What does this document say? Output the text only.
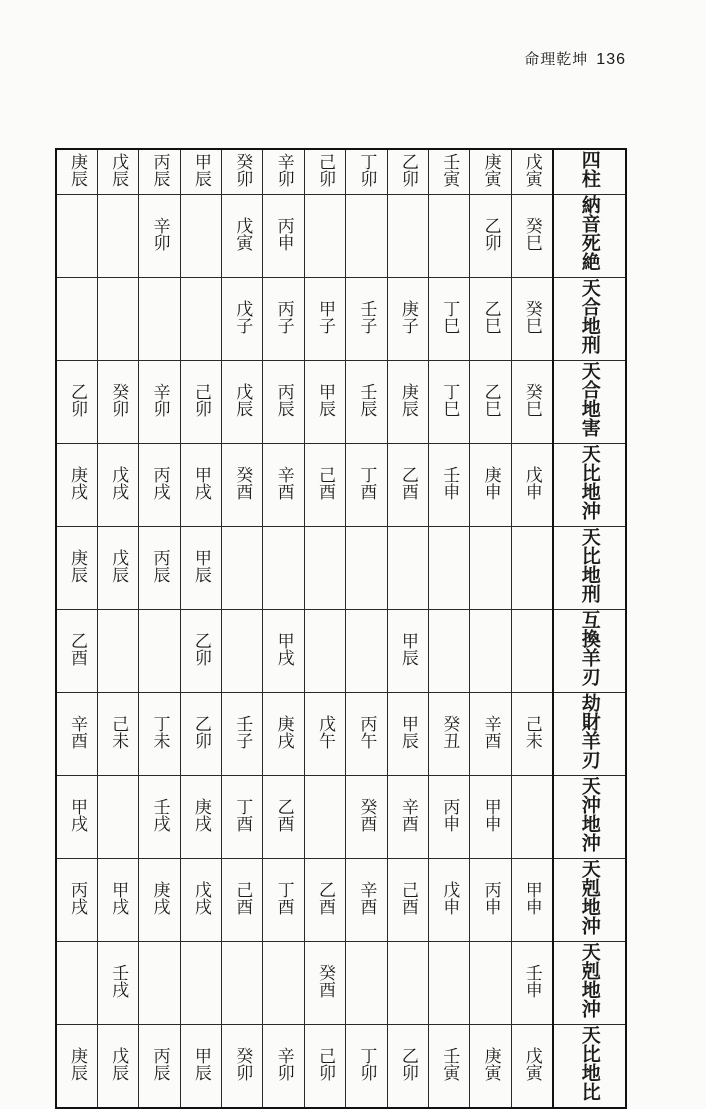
命理乾坤 136
庚辰	戊辰	丙辰	甲辰	癸卯	辛卯	己卯	丁卯	乙卯	壬寅	庚寅	戊寅	四柱
		辛卯		戊寅	丙申					乙卯	癸巳	納音死絶
				戊子	丙子	甲子	壬子	庚子	丁巳	乙巳	癸巳	天合地刑
乙卯	癸卯	辛卯	己卯	戊辰	丙辰	甲辰	壬辰	庚辰	丁巳	乙巳	癸巳	天合地害
庚戌	戊戌	丙戌	甲戌	癸酉	辛酉	己酉	丁酉	乙酉	壬申	庚申	戊申	天比地沖
庚辰	戊辰	丙辰	甲辰									天比地刑
乙酉			乙卯		甲戌			甲辰				互換羊刃
辛酉	己未	丁未	乙卯	壬子	庚戌	戊午	丙午	甲辰	癸丑	辛酉	己未	劫財羊刃
甲戌		壬戌	庚戌	丁酉	乙酉		癸酉	辛酉	丙申	甲申		天沖地沖
丙戌	甲戌	庚戌	戊戌	己酉	丁酉	乙酉	辛酉	己酉	戊申	丙申	甲申	天剋地沖
	壬戌					癸酉					壬申	天剋地沖
庚辰	戊辰	丙辰	甲辰	癸卯	辛卯	己卯	丁卯	乙卯	壬寅	庚寅	戊寅	天比地比
